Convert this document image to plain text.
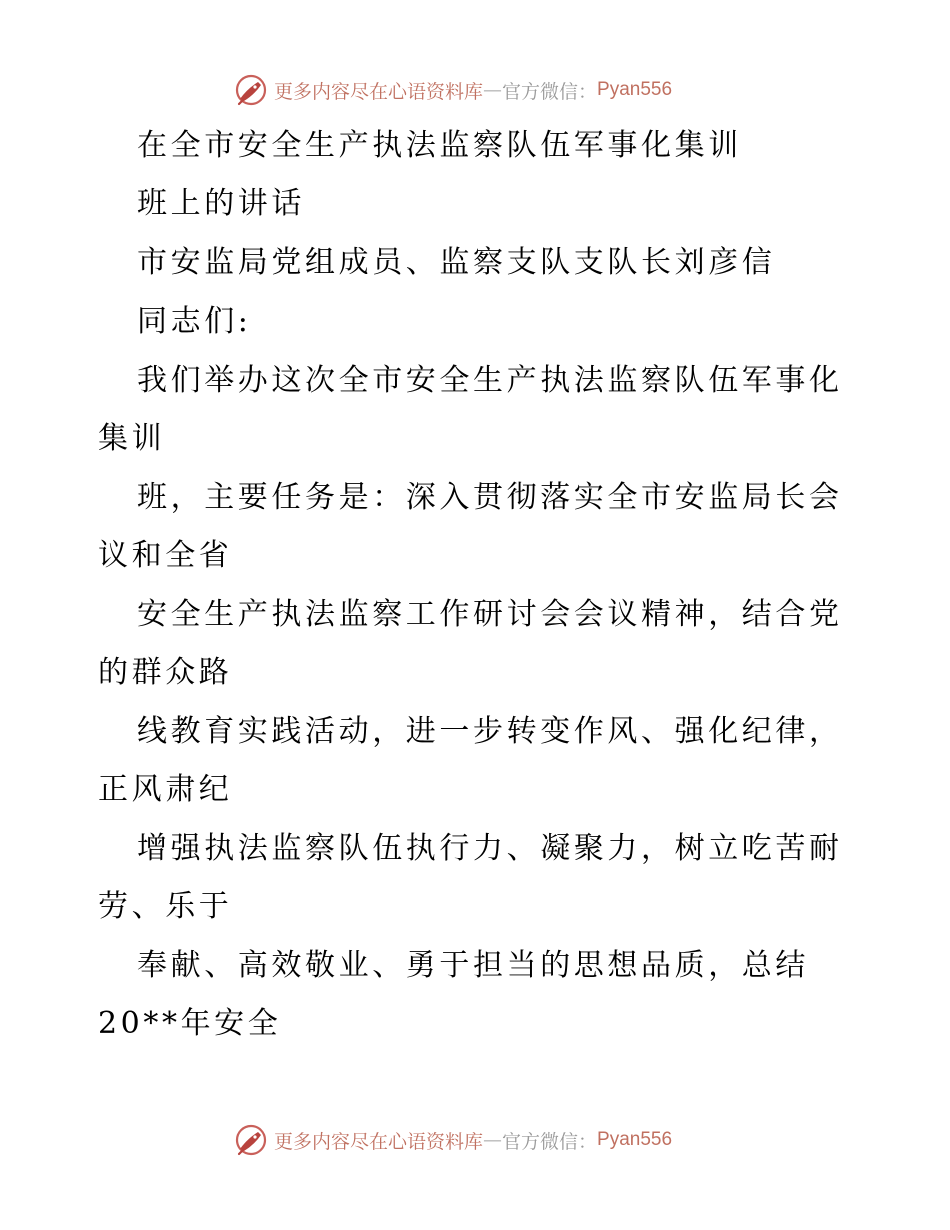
更多内容尽在心语资料库 — 官方微信： Pyan556
在全市安全生产执法监察队伍军事化集训
班上的讲话
市安监局党组成员、监察支队支队长刘彦信
同志们:
我们举办这次全市安全生产执法监察队伍军事化
集训
班，主要任务是：深入贯彻落实全市安监局长会
议和全省
安全生产执法监察工作研讨会会议精神，结合党
的群众路
线教育实践活动，进一步转变作风、强化纪律，
正风肃纪
增强执法监察队伍执行力、凝聚力，树立吃苦耐
劳、乐于
奉献、高效敬业、勇于担当的思想品质，总结
20**年安全
更多内容尽在心语资料库 — 官方微信： Pyan556
